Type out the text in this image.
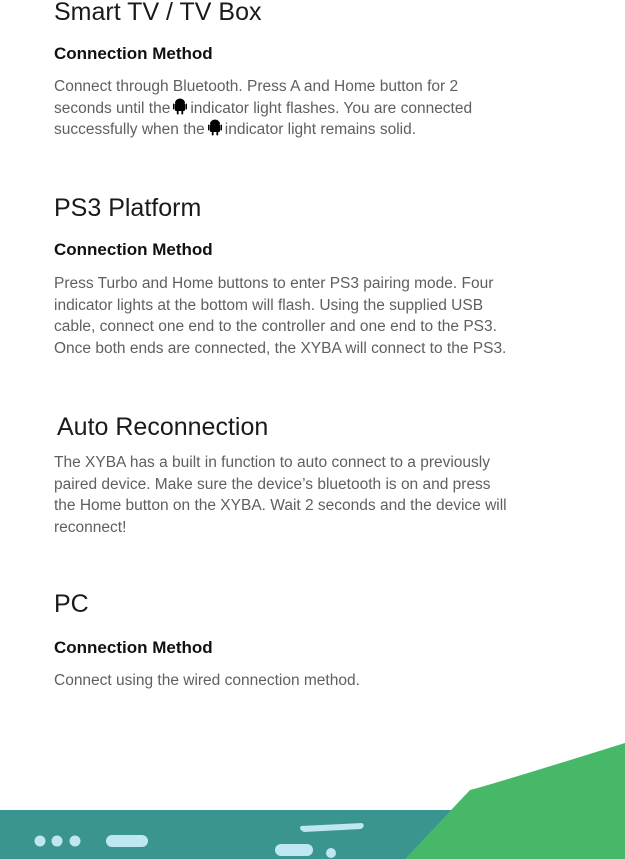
Smart TV / TV Box
Connection Method
Connect through Bluetooth. Press A and Home button for 2
seconds until the indicator light flashes. You are connected
successfully when the indicator light remains solid.
PS3 Platform
Connection Method
Press Turbo and Home buttons to enter PS3 pairing mode. Four
indicator lights at the bottom will flash. Using the supplied USB
cable, connect one end to the controller and one end to the PS3.
Once both ends are connected, the XYBA will connect to the PS3.
Auto Reconnection
The XYBA has a built in function to auto connect to a previously
paired device. Make sure the device’s bluetooth is on and press
the Home button on the XYBA. Wait 2 seconds and the device will
reconnect!
PC
Connection Method
Connect using the wired connection method.
